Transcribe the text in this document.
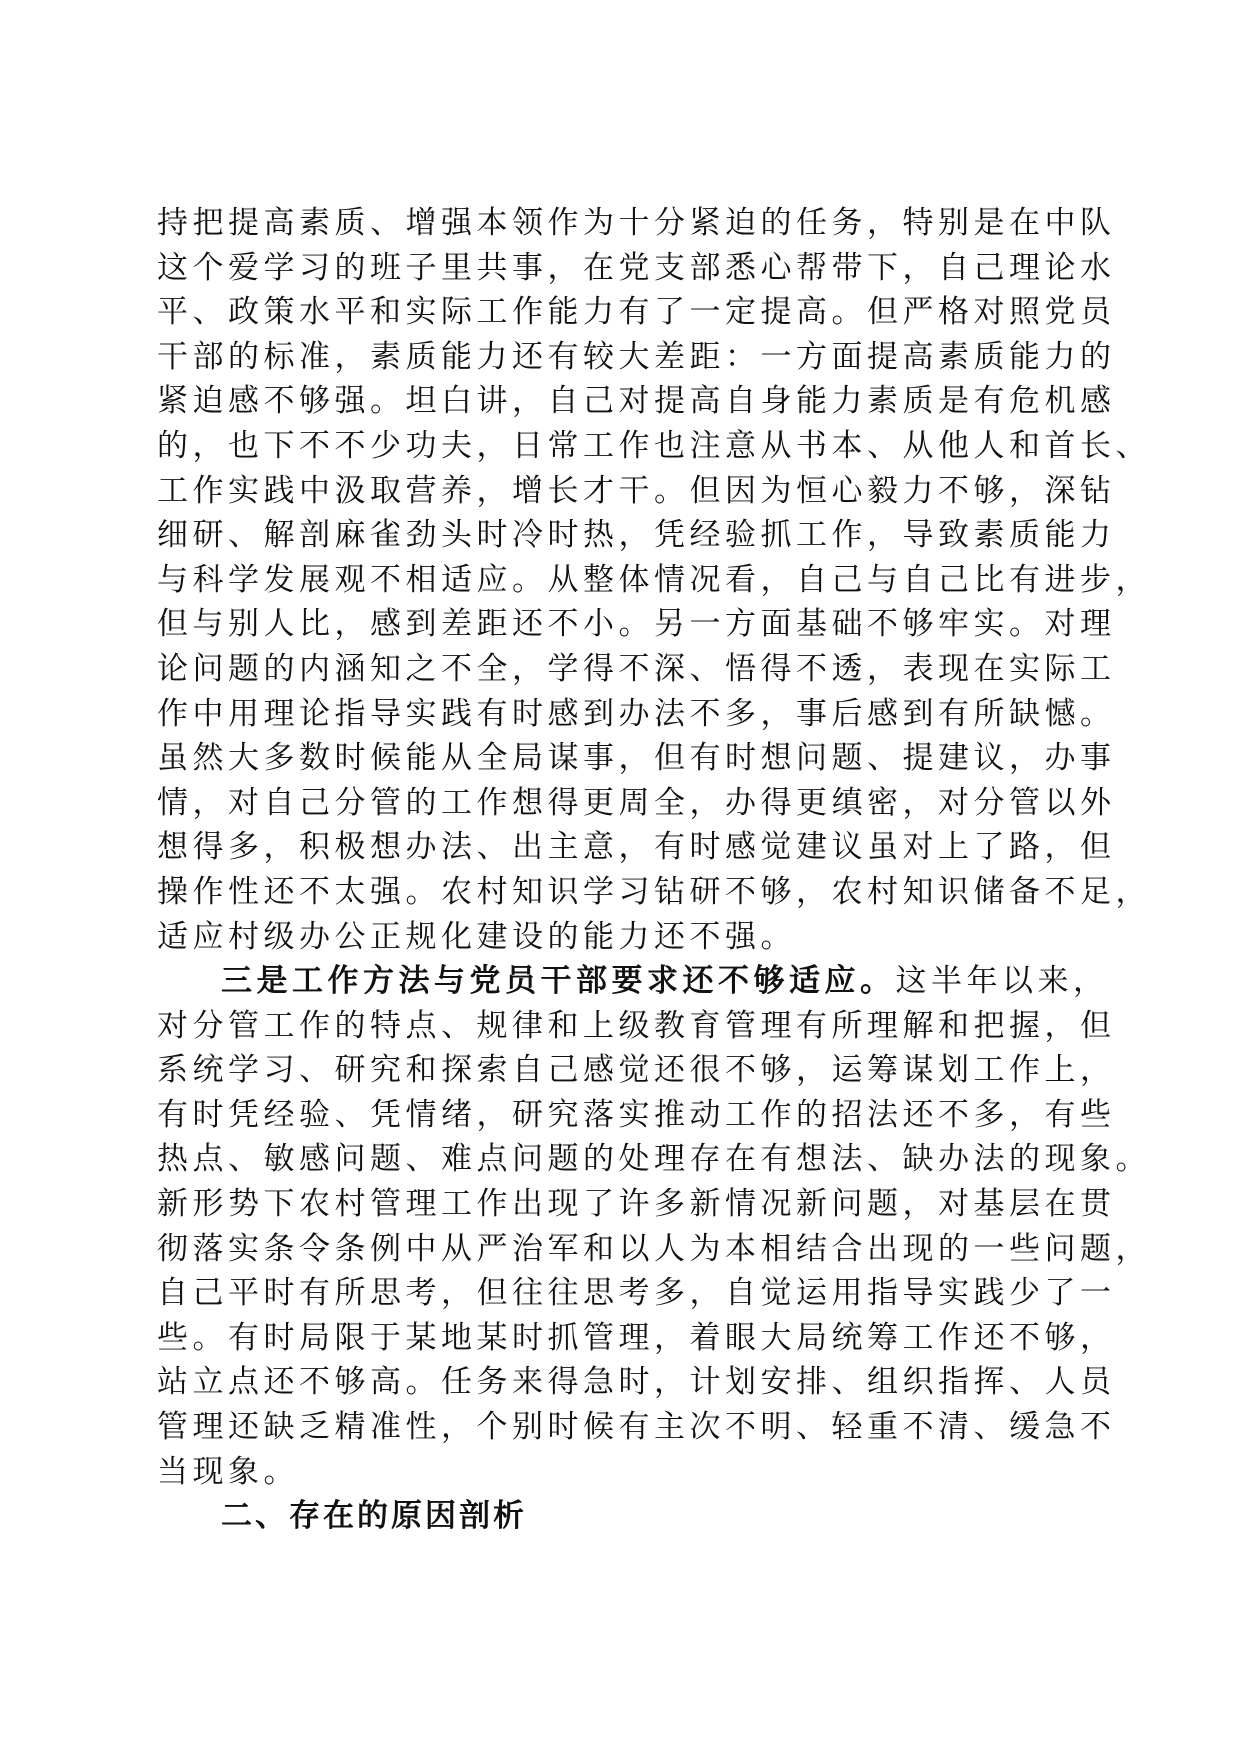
持把提高素质、增强本领作为十分紧迫的任务，特别是在中队
这个爱学习的班子里共事，在党支部悉心帮带下，自己理论水
平、政策水平和实际工作能力有了一定提高。但严格对照党员
干部的标准，素质能力还有较大差距：一方面提高素质能力的
紧迫感不够强。坦白讲，自己对提高自身能力素质是有危机感
的，也下不不少功夫，日常工作也注意从书本、从他人和首长、
工作实践中汲取营养，增长才干。但因为恒心毅力不够，深钻
细研、解剖麻雀劲头时冷时热，凭经验抓工作，导致素质能力
与科学发展观不相适应。从整体情况看，自己与自己比有进步，
但与别人比，感到差距还不小。另一方面基础不够牢实。对理
论问题的内涵知之不全，学得不深、悟得不透，表现在实际工
作中用理论指导实践有时感到办法不多，事后感到有所缺憾。
虽然大多数时候能从全局谋事，但有时想问题、提建议，办事
情，对自己分管的工作想得更周全，办得更缜密，对分管以外
想得多，积极想办法、出主意，有时感觉建议虽对上了路，但
操作性还不太强。农村知识学习钻研不够，农村知识储备不足，
适应村级办公正规化建设的能力还不强。
三是工作方法与党员干部要求还不够适应。这半年以来，
对分管工作的特点、规律和上级教育管理有所理解和把握，但
系统学习、研究和探索自己感觉还很不够，运筹谋划工作上，
有时凭经验、凭情绪，研究落实推动工作的招法还不多，有些
热点、敏感问题、难点问题的处理存在有想法、缺办法的现象。
新形势下农村管理工作出现了许多新情况新问题，对基层在贯
彻落实条令条例中从严治军和以人为本相结合出现的一些问题，
自己平时有所思考，但往往思考多，自觉运用指导实践少了一
些。有时局限于某地某时抓管理，着眼大局统筹工作还不够，
站立点还不够高。任务来得急时，计划安排、组织指挥、人员
管理还缺乏精准性，个别时候有主次不明、轻重不清、缓急不
当现象。
二、存在的原因剖析
